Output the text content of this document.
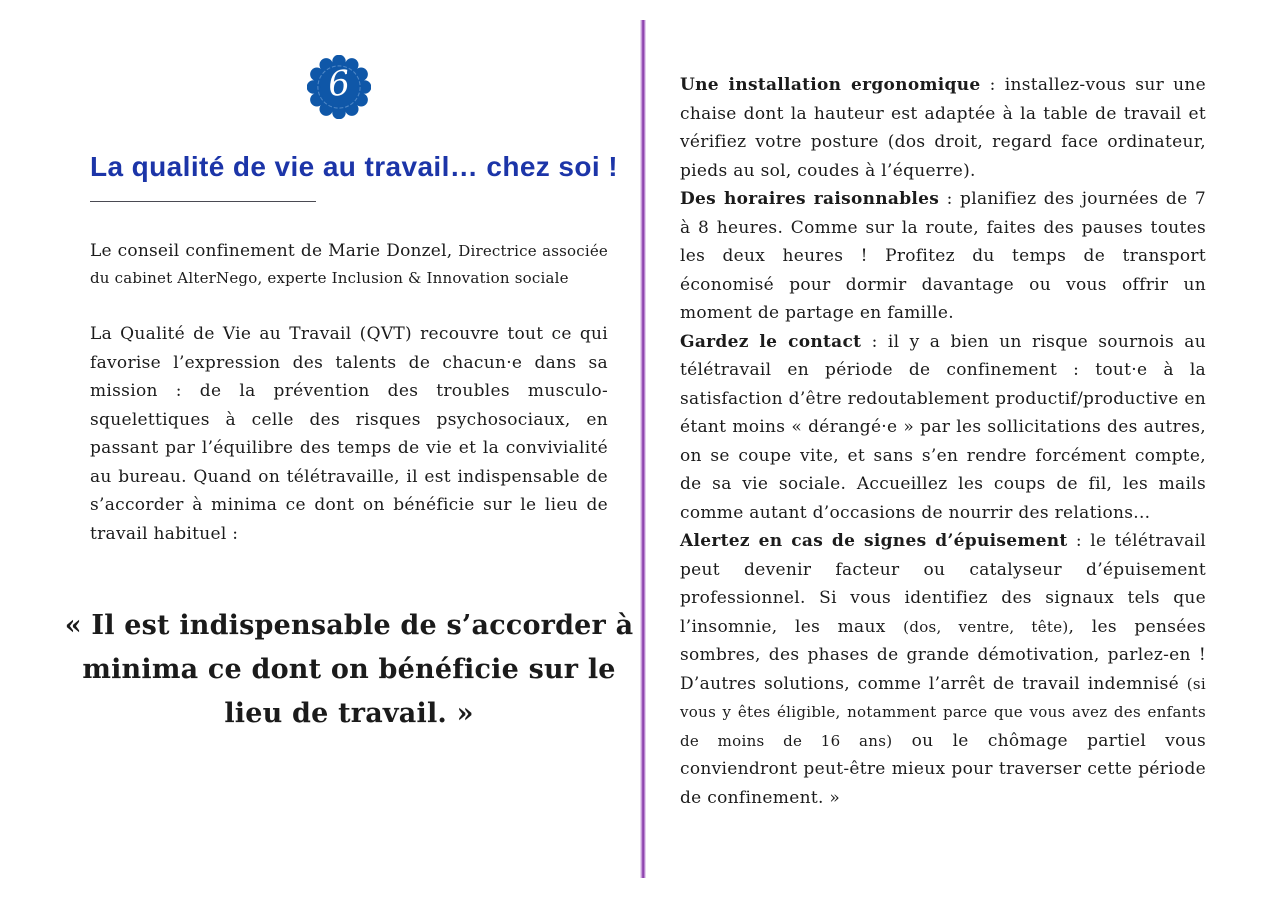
6
La qualité de vie au travail… chez soi !

Le conseil confinement de Marie Donzel, Directrice associée du cabinet AlterNego, experte Inclusion & Innovation sociale

La Qualité de Vie au Travail (QVT) recouvre tout ce qui favorise l’expression des talents de chacun·e dans sa mission : de la prévention des troubles musculo-squelettiques à celle des risques psychosociaux, en passant par l’équilibre des temps de vie et la convivialité au bureau. Quand on télétravaille, il est indispensable de s’accorder à minima ce dont on bénéficie sur le lieu de travail habituel :

« Il est indispensable de s’accorder à minima ce dont on bénéficie sur le lieu de travail. »

Une installation ergonomique : installez-vous sur une chaise dont la hauteur est adaptée à la table de travail et vérifiez votre posture (dos droit, regard face ordinateur, pieds au sol, coudes à l’équerre).

Des horaires raisonnables : planifiez des journées de 7 à 8 heures. Comme sur la route, faites des pauses toutes les deux heures ! Profitez du temps de transport économisé pour dormir davantage ou vous offrir un moment de partage en famille.

Gardez le contact : il y a bien un risque sournois au télétravail en période de confinement : tout·e à la satisfaction d’être redoutablement productif/productive en étant moins « dérangé·e » par les sollicitations des autres, on se coupe vite, et sans s’en rendre forcément compte, de sa vie sociale. Accueillez les coups de fil, les mails comme autant d’occasions de nourrir des relations...

Alertez en cas de signes d’épuisement : le télétravail peut devenir facteur ou catalyseur d’épuisement professionnel. Si vous identifiez des signaux tels que l’insomnie, les maux (dos, ventre, tête), les pensées sombres, des phases de grande démotivation, parlez-en ! D’autres solutions, comme l’arrêt de travail indemnisé (si vous y êtes éligible, notamment parce que vous avez des enfants de moins de 16 ans) ou le chômage partiel vous conviendront peut-être mieux pour traverser cette période de confinement. »
